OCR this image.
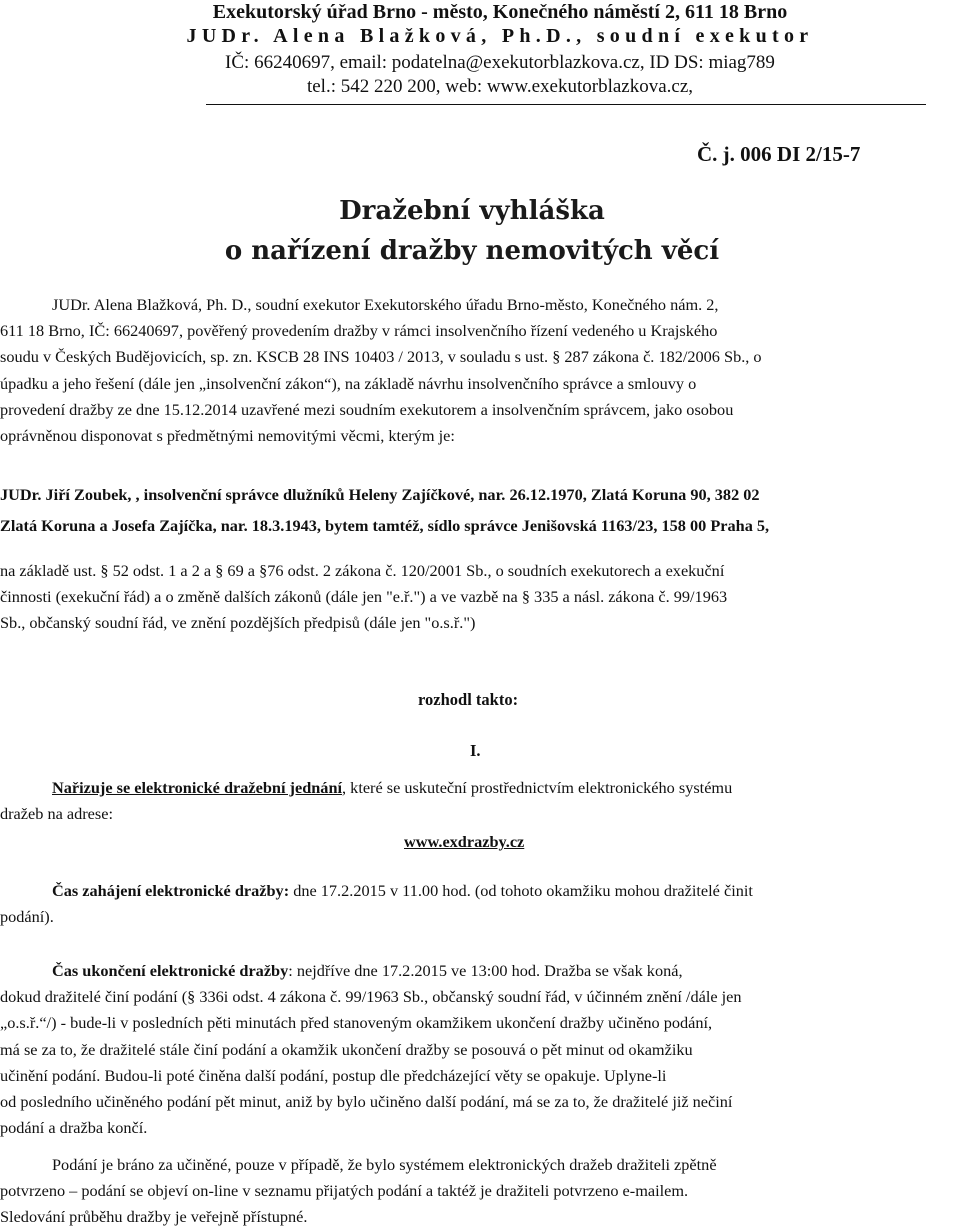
Exekutorský úřad Brno - město, Konečného náměstí 2, 611 18 Brno
JUDr. Alena Blažková, Ph.D., soudní exekutor
IČ: 66240697, email: podatelna@exekutorblazkova.cz, ID DS: miag789
tel.: 542 220 200, web: www.exekutorblazkova.cz,
Č. j. 006 DI 2/15-7
Dražební vyhláška
o nařízení dražby nemovitých věcí
JUDr. Alena Blažková, Ph. D., soudní exekutor Exekutorského úřadu Brno-město, Konečného nám. 2,
611 18 Brno, IČ: 66240697, pověřený provedením dražby v rámci insolvenčního řízení vedeného u Krajského
soudu v Českých Budějovicích, sp. zn. KSCB 28 INS 10403 / 2013, v souladu s ust. § 287 zákona č. 182/2006 Sb., o
úpadku a jeho řešení (dále jen „insolvenční zákon“), na základě návrhu insolvenčního správce a smlouvy o
provedení dražby ze dne 15.12.2014 uzavřené mezi soudním exekutorem a insolvenčním správcem, jako osobou
oprávněnou disponovat s předmětnými nemovitými věcmi, kterým je:
JUDr. Jiří Zoubek, , insolvenční správce dlužníků Heleny Zajíčkové, nar. 26.12.1970, Zlatá Koruna 90, 382 02
Zlatá Koruna a Josefa Zajíčka, nar. 18.3.1943, bytem tamtéž, sídlo správce Jenišovská 1163/23, 158 00 Praha 5,
na základě ust. § 52 odst. 1 a 2 a § 69 a §76 odst. 2 zákona č. 120/2001 Sb., o soudních exekutorech a exekuční
činnosti (exekuční řád) a o změně dalších zákonů (dále jen "e.ř.") a ve vazbě na § 335 a násl. zákona č. 99/1963
Sb., občanský soudní řád, ve znění pozdějších předpisů (dále jen "o.s.ř.")
rozhodl takto:
I.
Nařizuje se elektronické dražební jednání, které se uskuteční prostřednictvím elektronického systému
dražeb na adrese:
www.exdrazby.cz
Čas zahájení elektronické dražby: dne 17.2.2015 v 11.00 hod. (od tohoto okamžiku mohou dražitelé činit
podání).
Čas ukončení elektronické dražby: nejdříve dne 17.2.2015 ve 13:00 hod. Dražba se však koná,
dokud dražitelé činí podání (§ 336i odst. 4 zákona č. 99/1963 Sb., občanský soudní řád, v účinném znění /dále jen
„o.s.ř.“/) - bude-li v posledních pěti minutách před stanoveným okamžikem ukončení dražby učiněno podání,
má se za to, že dražitelé stále činí podání a okamžik ukončení dražby se posouvá o pět minut od okamžiku
učinění podání. Budou-li poté činěna další podání, postup dle předcházející věty se opakuje. Uplyne-li
od posledního učiněného podání pět minut, aniž by bylo učiněno další podání, má se za to, že dražitelé již nečiní
podání a dražba končí.
Podání je bráno za učiněné, pouze v případě, že bylo systémem elektronických dražeb dražiteli zpětně
potvrzeno – podání se objeví on-line v seznamu přijatých podání a taktéž je dražiteli potvrzeno e-mailem.
Sledování průběhu dražby je veřejně přístupné.
